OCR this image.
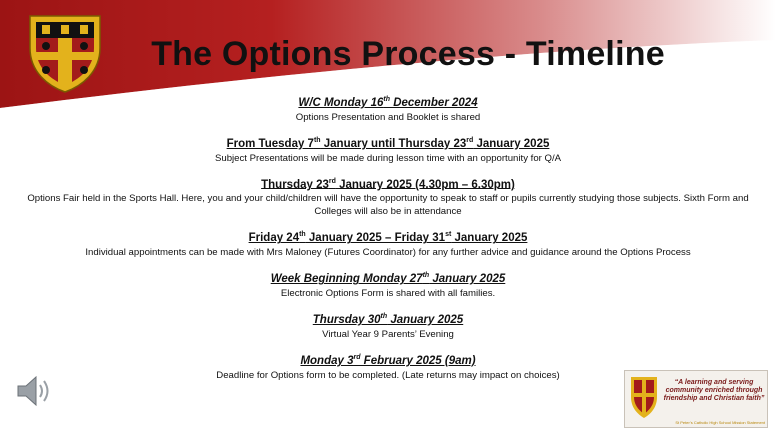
The Options Process - Timeline
W/C Monday 16th December 2024
Options Presentation and Booklet is shared
From Tuesday 7th January until Thursday 23rd January 2025
Subject Presentations will be made during lesson time with an opportunity for Q/A
Thursday 23rd January 2025 (4.30pm – 6.30pm)
Options Fair held in the Sports Hall. Here, you and your child/children will have the opportunity to speak to staff or pupils currently studying those subjects. Sixth Form and Colleges will also be in attendance
Friday 24th January 2025 – Friday 31st January 2025
Individual appointments can be made with Mrs Maloney (Futures Coordinator) for any further advice and guidance around the Options Process
Week Beginning Monday 27th January 2025
Electronic Options Form is shared with all families.
Thursday 30th January 2025
Virtual Year 9 Parents’ Evening
Monday 3rd February 2025 (9am)
Deadline for Options form to be completed. (Late returns may impact on choices)
“A learning and serving community enriched through friendship and Christian faith”
St Peter’s Catholic High School Mission Statement
